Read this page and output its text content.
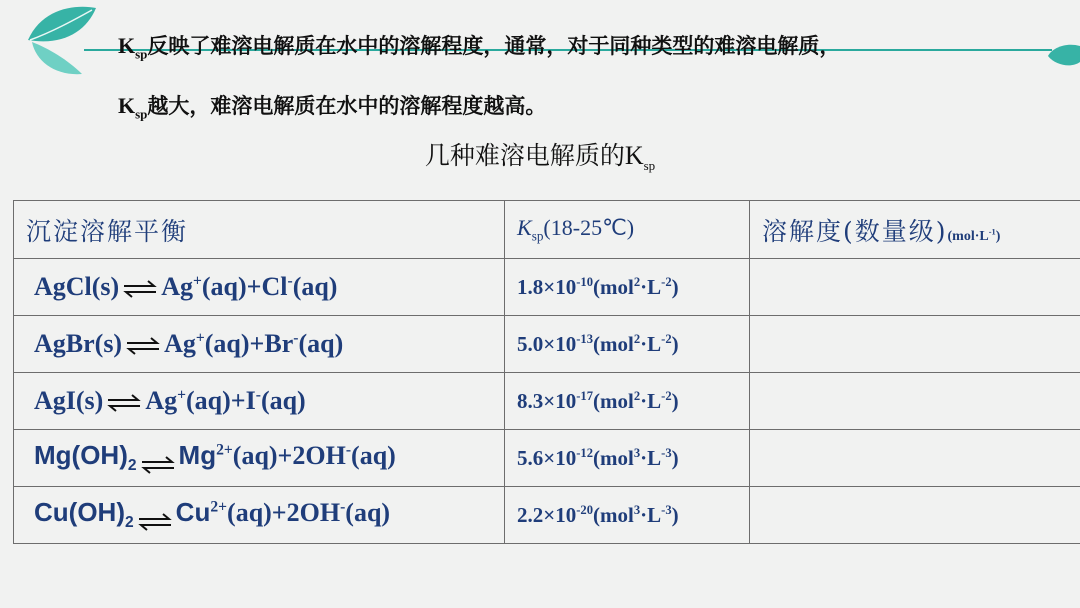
$K_{sp}$反映了难溶电解质在水中的溶解程度，通常，对于同种类型的难溶电解质，

$K_{sp}$越大，难溶电解质在水中的溶解程度越高。

几种难溶电解质的$K_{sp}$
沉淀溶解平衡	$K_{sp}(18-25℃)$	溶解度(数量级)$(mol\cdot L^{-1})$
AgCl(s) ⇌ Ag+(aq)+Cl-(aq)	$1.8\times 10^{-10}(mol^2\cdot L^{-2})$	
AgBr(s) ⇌ Ag+(aq)+Br-(aq)	$5.0\times 10^{-13}(mol^2\cdot L^{-2})$	
AgI(s) ⇌ Ag+(aq)+I-(aq)	$8.3\times 10^{-17}(mol^2\cdot L^{-2})$	
$Mg(OH)_2$ ⇌ $Mg^{2+}(aq)+2OH^-(aq)$	$5.6\times 10^{-12}(mol^3\cdot L^{-3})$	
$Cu(OH)_2$ ⇌ $Cu^{2+}(aq)+2OH^-(aq)$	$2.2\times 10^{-20}(mol^3\cdot L^{-3})$	
